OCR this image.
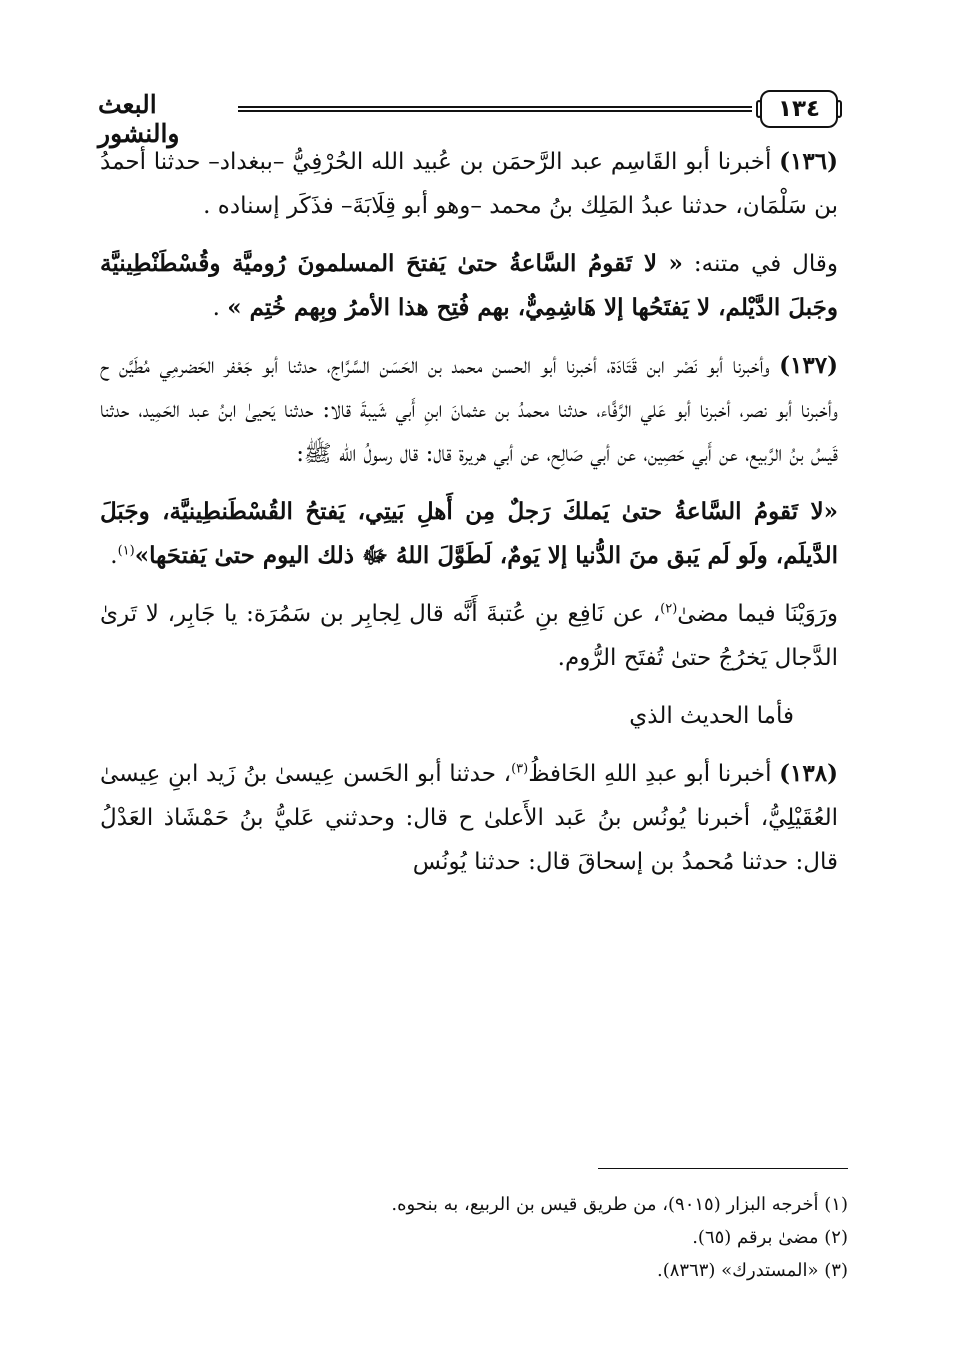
١٣٤
البعث والنشور

(١٣٦) أخبرنا أبو القَاسِم عبد الرَّحمَن بن عُبيد الله الحُرْفِيُّ –ببغداد– حدثنا أحمدُ بن سَلْمَان، حدثنا عبدُ المَلِك بنُ محمد –وهو أبو قِلَابَةَ– فذَكَر إسناده .

وقال في متنه: « لا تَقومُ السَّاعةُ حتىٰ يَفتحَ المسلمونَ رُوميَّة وقُسْطَنْطِينيَّة وجَبلَ الدَّيْلم، لا يَفتَحُها إلا هَاشِمِيٌّ، بهم فُتِح هذا الأمرُ وبِهم خُتِم » .

(١٣٧) وأخبرنا أبو نَصْر ابن قَتَادَة، أخبرنا أبو الحسن محمد بن الحَسَن السَّرَّاج، حدثنا أبو جَعْفر الحَضرمِي مُطَيَّن ح وأخبرنا أبو نصر، أخبرنا أبو عَلي الرَّفَّاء، حدثنا محمدُ بن عثمانَ ابنِ أَبي شَيبةَ قالا: حدثنا يَحيىٰ ابنُ عبد الحَمِيد، حدثنا قَيسُ بنُ الرَّبيع، عن أَبي حَصِين، عن أبي صَالِح، عن أبي هريرة قال: قال رسولُ الله ﷺ:

«لا تَقومُ السَّاعةُ حتىٰ يَملكَ رَجلٌ مِن أَهلِ بَيتِي، يَفتحُ القُسْطَنطِينيَّة، وجَبَلَ الدَّيلَم، ولَو لَم يَبق منَ الدُّنيا إلا يَومٌ، لَطَوَّلَ اللهُ ﷻ ذلك اليوم حتىٰ يَفتحَها»$^{(١)}$.

ورَوَيْنَا فيما مضىٰ$^{(٢)}$، عن نَافِع بنِ عُتبةَ أَنَّه قال لِجابِر بن سَمُرَة: يا جَابِر، لا تَرىٰ الدَّجال يَخرُجُ حتىٰ تُفتَح الرُّوم.

فأما الحديث الذي

(١٣٨) أخبرنا أبو عبدِ اللهِ الحَافظُ$^{(٣)}$، حدثنا أبو الحَسن عِيسىٰ بنُ زَيد ابنِ عِيسىٰ العُقَيْلِيُّ، أخبرنا يُونُس بنُ عَبد الأَعلىٰ ح قال: وحدثني عَليُّ بنُ حَمْشَاذ العَدْلُ قال: حدثنا مُحمدُ بن إسحاقَ قال: حدثنا يُونُس

(١) أخرجه البزار (٩٠١٥)، من طريق قيس بن الربيع، به بنحوه.

(٢) مضىٰ برقم (٦٥).

(٣) «المستدرك» (٨٣٦٣).
